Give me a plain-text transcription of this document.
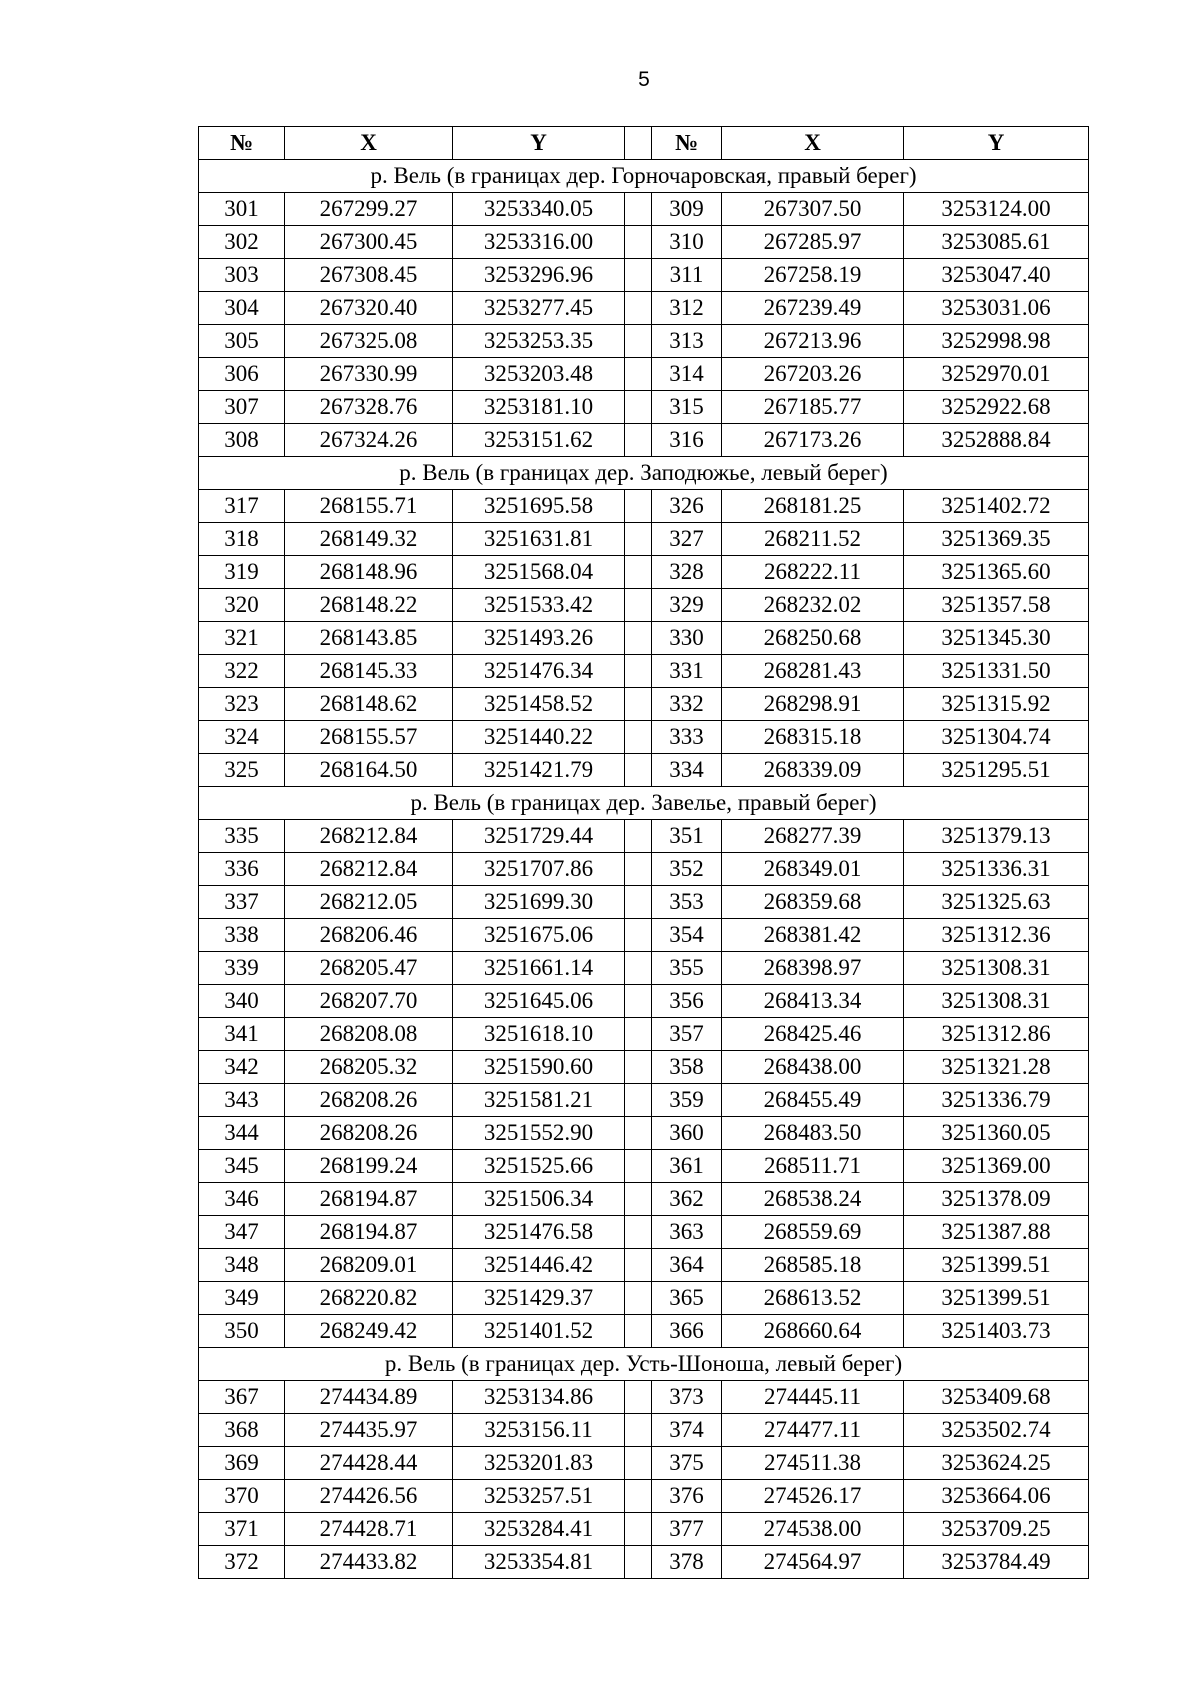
5
№	X	Y		№	X	Y
р. Вель (в границах дер. Горночаровская, правый берег)						
301	267299.27	3253340.05		309	267307.50	3253124.00
302	267300.45	3253316.00		310	267285.97	3253085.61
303	267308.45	3253296.96		311	267258.19	3253047.40
304	267320.40	3253277.45		312	267239.49	3253031.06
305	267325.08	3253253.35		313	267213.96	3252998.98
306	267330.99	3253203.48		314	267203.26	3252970.01
307	267328.76	3253181.10		315	267185.77	3252922.68
308	267324.26	3253151.62		316	267173.26	3252888.84
р. Вель (в границах дер. Заподюжье, левый берег)						
317	268155.71	3251695.58		326	268181.25	3251402.72
318	268149.32	3251631.81		327	268211.52	3251369.35
319	268148.96	3251568.04		328	268222.11	3251365.60
320	268148.22	3251533.42		329	268232.02	3251357.58
321	268143.85	3251493.26		330	268250.68	3251345.30
322	268145.33	3251476.34		331	268281.43	3251331.50
323	268148.62	3251458.52		332	268298.91	3251315.92
324	268155.57	3251440.22		333	268315.18	3251304.74
325	268164.50	3251421.79		334	268339.09	3251295.51
р. Вель (в границах дер. Завелье, правый берег)						
335	268212.84	3251729.44		351	268277.39	3251379.13
336	268212.84	3251707.86		352	268349.01	3251336.31
337	268212.05	3251699.30		353	268359.68	3251325.63
338	268206.46	3251675.06		354	268381.42	3251312.36
339	268205.47	3251661.14		355	268398.97	3251308.31
340	268207.70	3251645.06		356	268413.34	3251308.31
341	268208.08	3251618.10		357	268425.46	3251312.86
342	268205.32	3251590.60		358	268438.00	3251321.28
343	268208.26	3251581.21		359	268455.49	3251336.79
344	268208.26	3251552.90		360	268483.50	3251360.05
345	268199.24	3251525.66		361	268511.71	3251369.00
346	268194.87	3251506.34		362	268538.24	3251378.09
347	268194.87	3251476.58		363	268559.69	3251387.88
348	268209.01	3251446.42		364	268585.18	3251399.51
349	268220.82	3251429.37		365	268613.52	3251399.51
350	268249.42	3251401.52		366	268660.64	3251403.73
р. Вель (в границах дер. Усть-Шоноша, левый берег)						
367	274434.89	3253134.86		373	274445.11	3253409.68
368	274435.97	3253156.11		374	274477.11	3253502.74
369	274428.44	3253201.83		375	274511.38	3253624.25
370	274426.56	3253257.51		376	274526.17	3253664.06
371	274428.71	3253284.41		377	274538.00	3253709.25
372	274433.82	3253354.81		378	274564.97	3253784.49
